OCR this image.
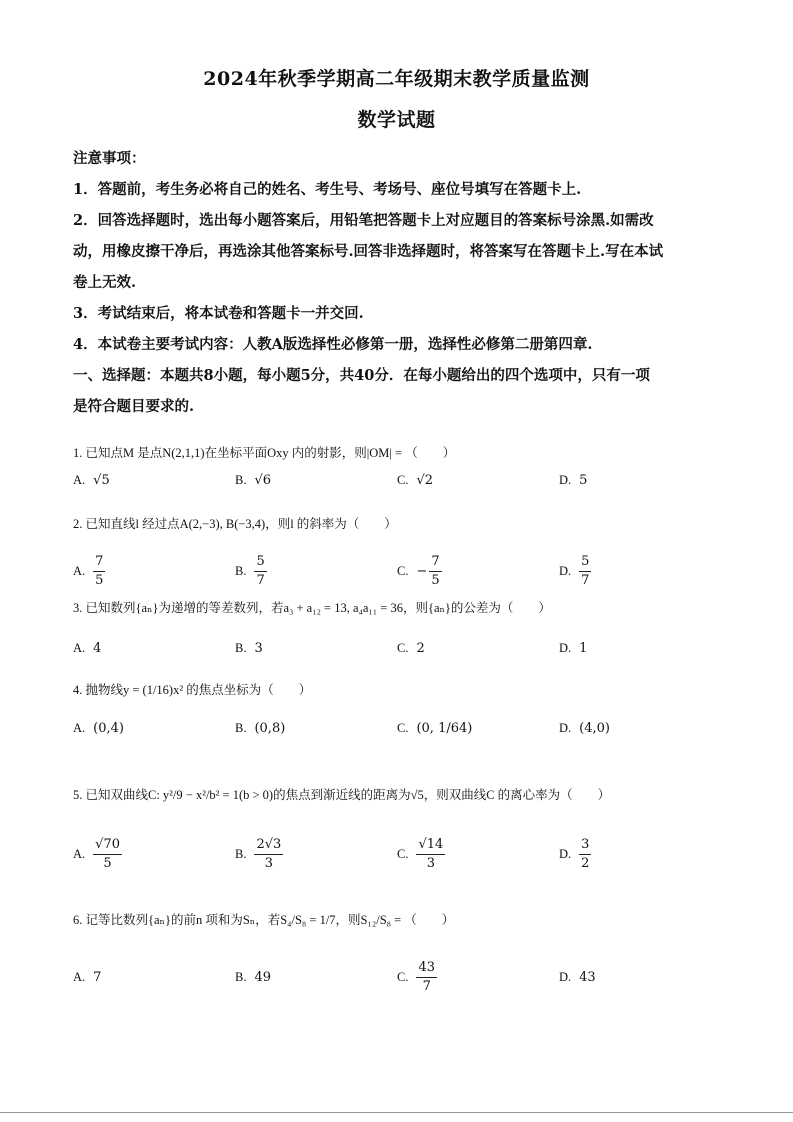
2024年秋季学期高二年级期末教学质量监测
数学试题

注意事项：

1．答题前，考生务必将自己的姓名、考生号、考场号、座位号填写在答题卡上.

2．回答选择题时，选出每小题答案后，用铅笔把答题卡上对应题目的答案标号涂黑.如需改

动，用橡皮擦干净后，再选涂其他答案标号.回答非选择题时，将答案写在答题卡上.写在本试

卷上无效.

3．考试结束后，将本试卷和答题卡一并交回.

4．本试卷主要考试内容：人教A版选择性必修第一册，选择性必修第二册第四章.

一、选择题：本题共8小题，每小题5分，共40分．在每小题给出的四个选项中，只有一项

是符合题目要求的.

1. 已知点M 是点N(2,1,1)在坐标平面Oxy 内的射影，则|OM| = （　　）
A. √5	B. √6	C. √2	D. 5
2. 已知直线l 经过点A(2,−3), B(−3,4)，则l 的斜率为（　　）
A. $\frac{7}{5}$	B. $\frac{5}{7}$	C. − $\frac{7}{5}$	D. $\frac{5}{7}$
3. 已知数列{aₙ}为递增的等差数列，若a₃ + a₁₂ = 13, a₄a₁₁ = 36，则{aₙ}的公差为（　　）
A. 4	B. 3	C. 2	D. 1
4. 抛物线y = (1/16)x² 的焦点坐标为（　　）
A. (0,4)	B. (0,8)	C. (0, 1/64)	D. (4,0)
5. 已知双曲线C: y²/9 − x²/b² = 1(b > 0)的焦点到渐近线的距离为√5，则双曲线C 的离心率为（　　）
A. $\frac{√70}{5}$	B. $\frac{2√3}{3}$	C. $\frac{√14}{3}$	D. $\frac{3}{2}$
6. 记等比数列{aₙ}的前n 项和为Sₙ，若S₄/S₈ = 1/7，则S₁₂/S₈ = （　　）
A. 7	B. 49	C. $\frac{43}{7}$	D. 43
